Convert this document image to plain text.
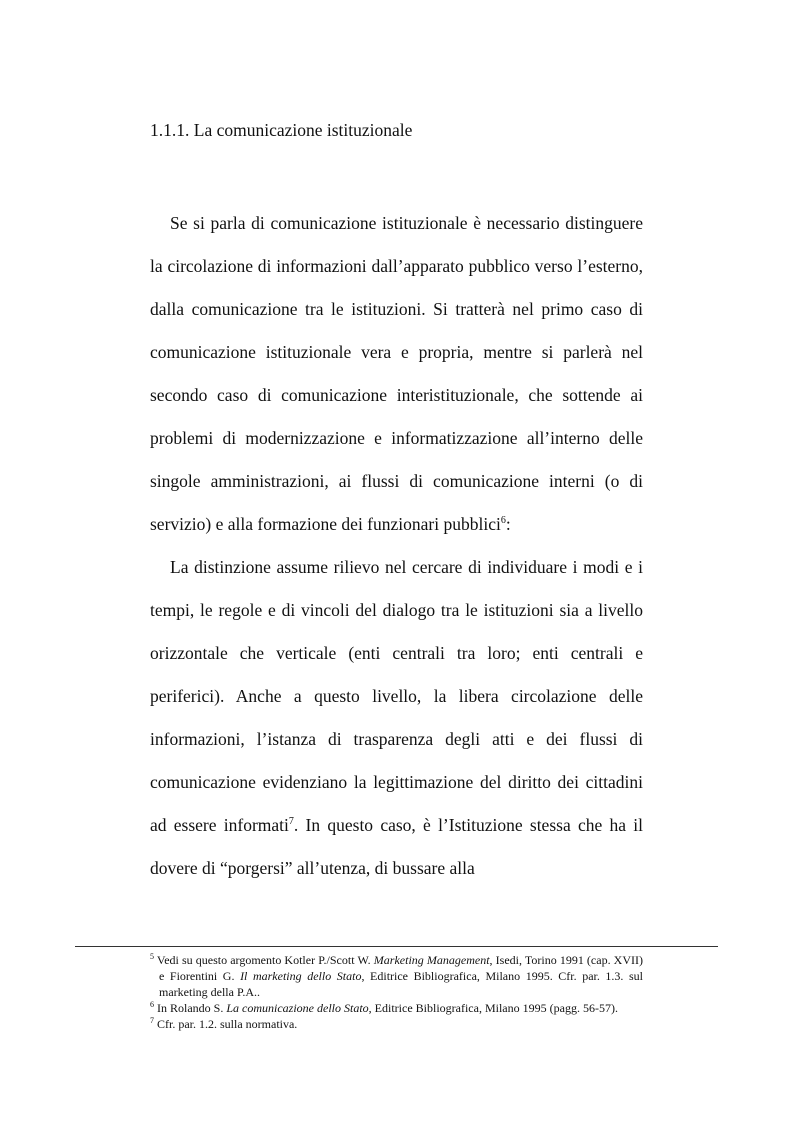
1.1.1. La comunicazione istituzionale

Se si parla di comunicazione istituzionale è necessario distinguere la circolazione di informazioni dall’apparato pubblico verso l’esterno, dalla comunicazione tra le istituzioni. Si tratterà nel primo caso di comunicazione istituzionale vera e propria, mentre si parlerà nel secondo caso di comunicazione interistituzionale, che sottende ai problemi di modernizzazione e informatizzazione all’interno delle singole amministrazioni, ai flussi di comunicazione interni (o di servizio) e alla formazione dei funzionari pubblici$^6$:

La distinzione assume rilievo nel cercare di individuare i modi e i tempi, le regole e di vincoli del dialogo tra le istituzioni sia a livello orizzontale che verticale (enti centrali tra loro; enti centrali e periferici). Anche a questo livello, la libera circolazione delle informazioni, l’istanza di trasparenza degli atti e dei flussi di comunicazione evidenziano la legittimazione del diritto dei cittadini ad essere informati$^7$. In questo caso, è l’Istituzione stessa che ha il dovere di “porgersi” all’utenza, di bussare alla

$^5$ Vedi su questo argomento Kotler P./Scott W. Marketing Management, Isedi, Torino 1991 (cap. XVII) e Fiorentini G. Il marketing dello Stato, Editrice Bibliografica, Milano 1995. Cfr. par. 1.3. sul marketing della P.A..

$^6$ In Rolando S. La comunicazione dello Stato, Editrice Bibliografica, Milano 1995 (pagg. 56-57).

$^7$ Cfr. par. 1.2. sulla normativa.
